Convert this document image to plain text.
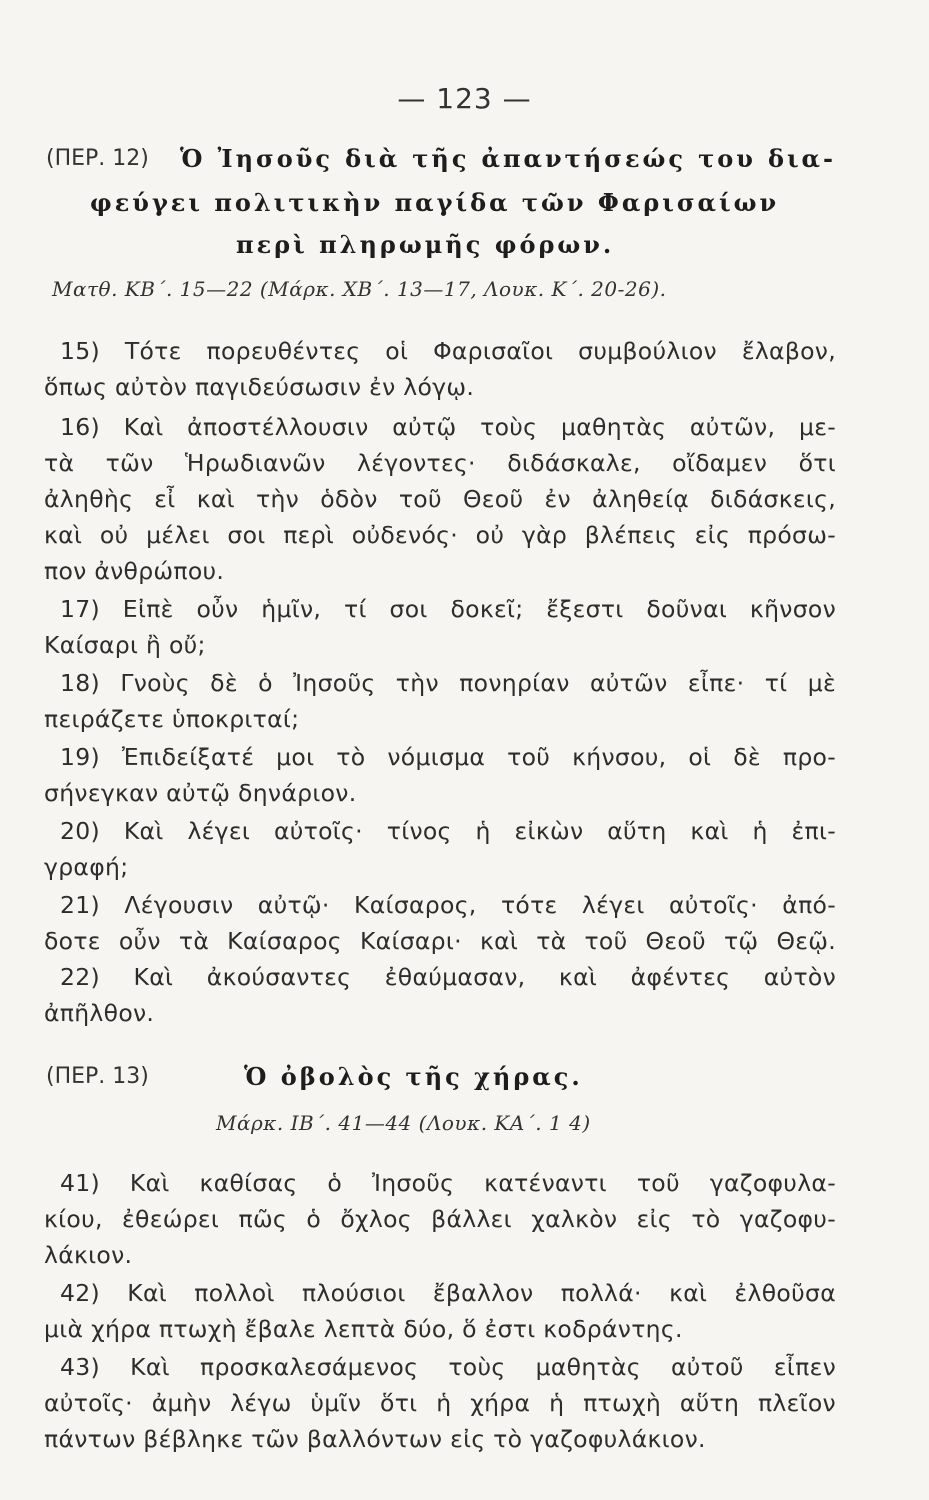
— 123 —
(ΠΕΡ. 12) Ὁ Ἰησοῦς διὰ τῆς ἀπαντήσεώς του δια-
φεύγει πολιτικὴν παγίδα τῶν Φαρισαίων
περὶ πληρωμῆς φόρων.
Ματθ. ΚΒ΄. 15—22 (Μάρκ. ΧΒ΄. 13—17, Λουκ. Κ΄. 20-26).
15) Τότε πορευθέντες οἱ Φαρισαῖοι συμβούλιον ἔλαβον,
ὅπως αὐτὸν παγιδεύσωσιν ἐν λόγῳ.
16) Καὶ ἀποστέλλουσιν αὐτῷ τοὺς μαθητὰς αὐτῶν, με-
τὰ τῶν Ἡρωδιανῶν λέγοντες· διδάσκαλε, οἴδαμεν ὅτι
ἀληθὴς εἶ καὶ τὴν ὁδὸν τοῦ Θεοῦ ἐν ἀληθείᾳ διδάσκεις,
καὶ οὐ μέλει σοι περὶ οὐδενός· οὐ γὰρ βλέπεις εἰς πρόσω-
πον ἀνθρώπου.
17) Εἰπὲ οὖν ἡμῖν, τί σοι δοκεῖ; ἔξεστι δοῦναι κῆνσον
Καίσαρι ἢ οὔ;
18) Γνοὺς δὲ ὁ Ἰησοῦς τὴν πονηρίαν αὐτῶν εἶπε· τί μὲ
πειράζετε ὑποκριταί;
19) Ἐπιδείξατέ μοι τὸ νόμισμα τοῦ κήνσου, οἱ δὲ προ-
σήνεγκαν αὐτῷ δηνάριον.
20) Καὶ λέγει αὐτοῖς· τίνος ἡ εἰκὼν αὕτη καὶ ἡ ἐπι-
γραφή;
21) Λέγουσιν αὐτῷ· Καίσαρος, τότε λέγει αὐτοῖς· ἀπό-
δοτε οὖν τὰ Καίσαρος Καίσαρι· καὶ τὰ τοῦ Θεοῦ τῷ Θεῷ.
22) Καὶ ἀκούσαντες ἐθαύμασαν, καὶ ἀφέντες αὐτὸν
ἀπῆλθον.
(ΠΕΡ. 13)	Ὁ ὀβολὸς τῆς χήρας.
Μάρκ. ΙΒ΄. 41—44 (Λουκ. ΚΑ΄. 1 4)
41) Καὶ καθίσας ὁ Ἰησοῦς κατέναντι τοῦ γαζοφυλα-
κίου, ἐθεώρει πῶς ὁ ὄχλος βάλλει χαλκὸν εἰς τὸ γαζοφυ-
λάκιον.
42) Καὶ πολλοὶ πλούσιοι ἔβαλλον πολλά· καὶ ἐλθοῦσα
μιὰ χήρα πτωχὴ ἔβαλε λεπτὰ δύο, ὅ ἐστι κοδράντης.
43) Καὶ προσκαλεσάμενος τοὺς μαθητὰς αὐτοῦ εἶπεν
αὐτοῖς· ἀμὴν λέγω ὑμῖν ὅτι ἡ χήρα ἡ πτωχὴ αὕτη πλεῖον
πάντων βέβληκε τῶν βαλλόντων εἰς τὸ γαζοφυλάκιον.
